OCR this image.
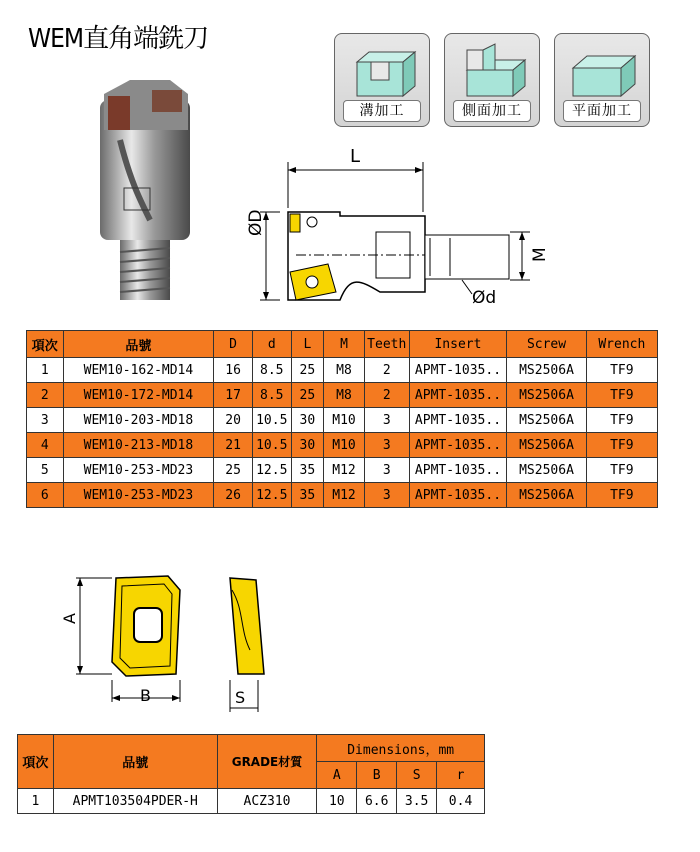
WEM直角端銑刀
溝加工	側面加工	平面加工
L
ØD
M
Ød
項次	品號	D	d	L	M	Teeth	Insert	Screw	Wrench
1	WEM10-162-MD14	16	8.5	25	M8	2	APMT-1035..	MS2506A	TF9
2	WEM10-172-MD14	17	8.5	25	M8	2	APMT-1035..	MS2506A	TF9
3	WEM10-203-MD18	20	10.5	30	M10	3	APMT-1035..	MS2506A	TF9
4	WEM10-213-MD18	21	10.5	30	M10	3	APMT-1035..	MS2506A	TF9
5	WEM10-253-MD23	25	12.5	35	M12	3	APMT-1035..	MS2506A	TF9
6	WEM10-253-MD23	26	12.5	35	M12	3	APMT-1035..	MS2506A	TF9
A
B	S
項次	品號	GRADE材質	Dimensions，mm			
			A	B	S	r
1	APMT103504PDER-H	ACZ310	10	6.6	3.5	0.4
